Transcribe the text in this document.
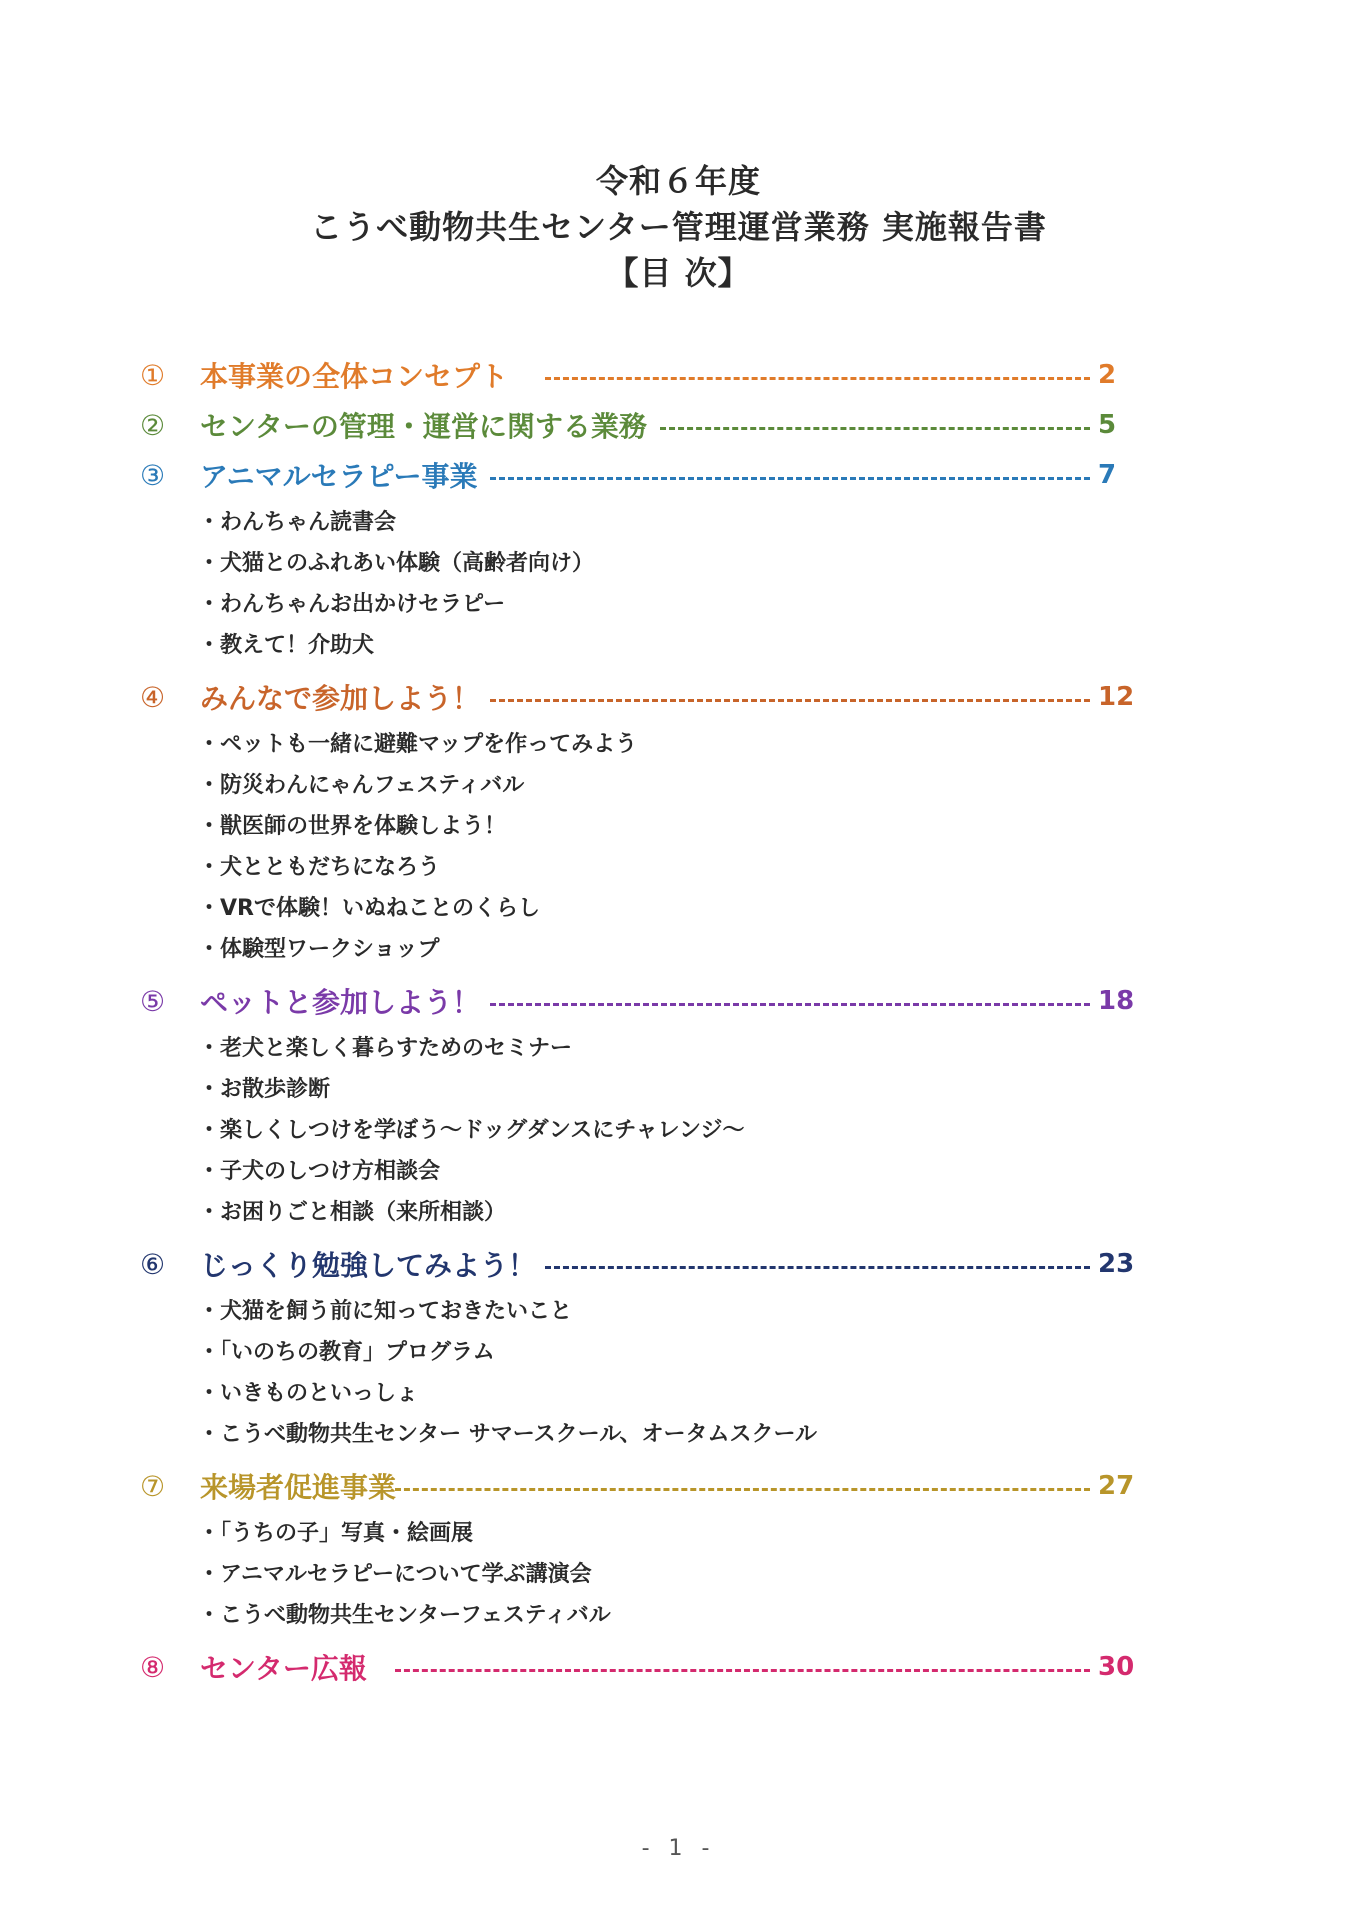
令和６年度
こうべ動物共生センター管理運営業務 実施報告書
【目 次】
①	本事業の全体コンセプト	2
②	センターの管理・運営に関する業務	5
③	アニマルセラピー事業	7
・わんちゃん読書会
・犬猫とのふれあい体験（高齢者向け）
・わんちゃんお出かけセラピー
・教えて！介助犬
④	みんなで参加しよう！	12
・ペットも一緒に避難マップを作ってみよう
・防災わんにゃんフェスティバル
・獣医師の世界を体験しよう！
・犬とともだちになろう
・VRで体験！いぬねことのくらし
・体験型ワークショップ
⑤	ペットと参加しよう！	18
・老犬と楽しく暮らすためのセミナー
・お散歩診断
・楽しくしつけを学ぼう～ドッグダンスにチャレンジ～
・子犬のしつけ方相談会
・お困りごと相談（来所相談）
⑥	じっくり勉強してみよう！	23
・犬猫を飼う前に知っておきたいこと
・「いのちの教育」プログラム
・いきものといっしょ
・こうべ動物共生センター サマースクール、オータムスクール
⑦	来場者促進事業	27
・「うちの子」写真・絵画展
・アニマルセラピーについて学ぶ講演会
・こうべ動物共生センターフェスティバル
⑧	センター広報	30
- 1 -
